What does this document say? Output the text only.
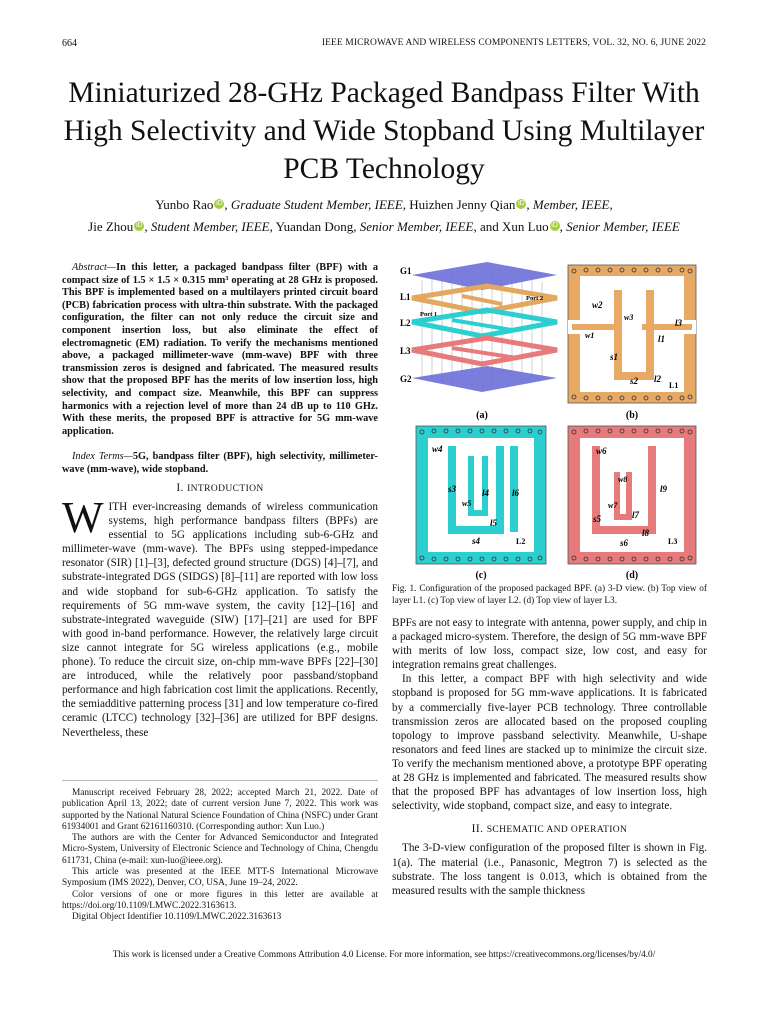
664	IEEE MICROWAVE AND WIRELESS COMPONENTS LETTERS, VOL. 32, NO. 6, JUNE 2022
Miniaturized 28-GHz Packaged Bandpass Filter With High Selectivity and Wide Stopband Using Multilayer PCB Technology
Yunbo Rao iD , Graduate Student Member, IEEE, Huizhen Jenny Qian iD , Member, IEEE,
Jie Zhou iD , Student Member, IEEE, Yuandan Dong, Senior Member, IEEE, and Xun Luo iD , Senior Member, IEEE
Abstract—In this letter, a packaged bandpass filter (BPF) with a compact size of 1.5 × 1.5 × 0.315 mm³ operating at 28 GHz is proposed. This BPF is implemented based on a multilayers printed circuit board (PCB) fabrication process with ultra-thin substrate. With the packaged configuration, the filter can not only reduce the circuit size and component insertion loss, but also eliminate the effect of electromagnetic (EM) radiation. To verify the mechanisms mentioned above, a packaged millimeter-wave (mm-wave) BPF with three transmission zeros is designed and fabricated. The measured results show that the proposed BPF has the merits of low insertion loss, high selectivity, and compact size. Meanwhile, this BPF can suppress harmonics with a rejection level of more than 24 dB up to 110 GHz. With these merits, the proposed BPF is attractive for 5G mm-wave application.
Index Terms—5G, bandpass filter (BPF), high selectivity, millimeter-wave (mm-wave), wide stopband.
I. INTRODUCTION
WITH ever-increasing demands of wireless communication systems, high performance bandpass filters (BPFs) are essential to 5G applications including sub-6-GHz and millimeter-wave (mm-wave). The BPFs using stepped-impedance resonator (SIR) [1]–[3], defected ground structure (DGS) [4]–[7], and substrate-integrated DGS (SIDGS) [8]–[11] are reported with low loss and wide stopband for sub-6-GHz application. To satisfy the requirements of 5G mm-wave system, the cavity [12]–[16] and substrate-integrated waveguide (SIW) [17]–[21] are used for BPF with good in-band performance. However, the relatively large circuit size cannot integrate for 5G wireless applications (e.g., mobile phone). To reduce the circuit size, on-chip mm-wave BPFs [22]–[30] are introduced, while the relatively poor passband/stopband performance and high fabrication cost limit the applications. Recently, the semiadditive patterning process [31] and low temperature co-fired ceramic (LTCC) technology [32]–[36] are utilized for BPF designs. Nevertheless, these
Manuscript received February 28, 2022; accepted March 21, 2022. Date of publication April 13, 2022; date of current version June 7, 2022. This work was supported by the National Natural Science Foundation of China (NSFC) under Grant 61934001 and Grant 62161160310. (Corresponding author: Xun Luo.)
The authors are with the Center for Advanced Semiconductor and Integrated Micro-System, University of Electronic Science and Technology of China, Chengdu 611731, China (e-mail: xun-luo@ieee.org).
This article was presented at the IEEE MTT-S International Microwave Symposium (IMS 2022), Denver, CO, USA, June 19–24, 2022.
Color versions of one or more figures in this letter are available at https://doi.org/10.1109/LMWC.2022.3163613.
Digital Object Identifier 10.1109/LMWC.2022.3163613
G1
L1
L2
L3
G2
Port 1
Port 2
(a)
w2
w3
w1	l1
l3
s1
s2 l2
L1
(b)
w4
s3
w5
l4	l6
l5
s4	L2
(c)
w6
w8
l9
w7
s5	l7
l8
s6	L3
(d)
Fig. 1. Configuration of the proposed packaged BPF. (a) 3-D view. (b) Top view of layer L1. (c) Top view of layer L2. (d) Top view of layer L3.

BPFs are not easy to integrate with antenna, power supply, and chip in a packaged micro-system. Therefore, the design of 5G mm-wave BPF with merits of low loss, compact size, low cost, and easy for integration remains great challenges.

In this letter, a compact BPF with high selectivity and wide stopband is proposed for 5G mm-wave applications. It is fabricated by a commercially five-layer PCB technology. Three controllable transmission zeros are allocated based on the proposed coupling topology to improve passband selectivity. Meanwhile, U-shape resonators and feed lines are stacked up to minimize the circuit size. To verify the mechanism mentioned above, a prototype BPF operating at 28 GHz is implemented and fabricated. The measured results show that the proposed BPF has advantages of low insertion loss, high selectivity, wide stopband, compact size, and easy to integrate.

II. SCHEMATIC AND OPERATION

The 3-D-view configuration of the proposed filter is shown in Fig. 1(a). The material (i.e., Panasonic, Megtron 7) is selected as the substrate. The loss tangent is 0.013, which is obtained from the measured results with the sample thickness

This work is licensed under a Creative Commons Attribution 4.0 License. For more information, see https://creativecommons.org/licenses/by/4.0/
